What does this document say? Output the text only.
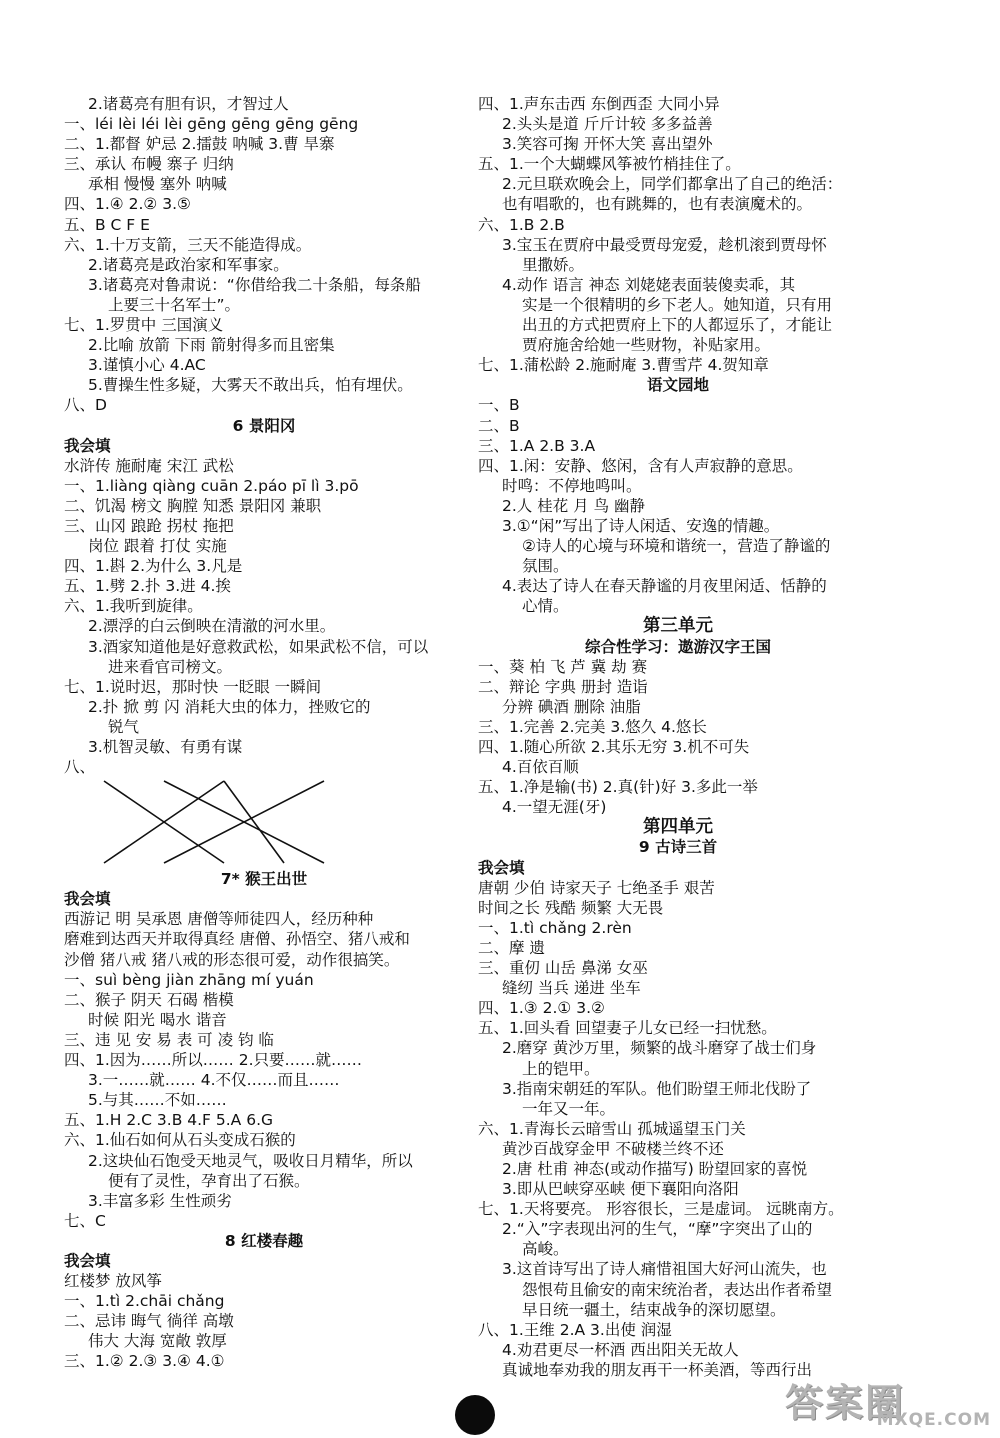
2.诸葛亮有胆有识，才智过人
一、léi lèi léi lèi gēng gēng gēng gēng
二、1.都督 妒忌 2.擂鼓 呐喊 3.曹 旱寨
三、承认 布幔 寨子 归纳
承相 慢慢 塞外 呐喊
四、1.④ 2.② 3.⑤
五、B C F E
六、1.十万支箭，三天不能造得成。
2.诸葛亮是政治家和军事家。
3.诸葛亮对鲁肃说：“你借给我二十条船，每条船
上要三十名军士”。
七、1.罗贯中 三国演义
2.比喻 放箭 下雨 箭射得多而且密集
3.谨慎小心 4.AC
5.曹操生性多疑，大雾天不敢出兵，怕有埋伏。
八、D
6 景阳冈
我会填
水浒传 施耐庵 宋江 武松
一、1.liàng qiàng cuān 2.páo pī lì 3.pō
二、饥渴 榜文 胸膛 知悉 景阳冈 兼职
三、山冈 踉跄 拐杖 拖把
岗位 跟着 打仗 实施
四、1.斟 2.为什么 3.凡是
五、1.劈 2.扑 3.进 4.挨
六、1.我听到旋律。
2.漂浮的白云倒映在清澈的河水里。
3.酒家知道他是好意救武松，如果武松不信，可以
进来看官司榜文。
七、1.说时迟，那时快 一眨眼 一瞬间
2.扑 掀 剪 闪 消耗大虫的体力，挫败它的
锐气
3.机智灵敏、有勇有谋
八、
7* 猴王出世
我会填
西游记 明 吴承恩 唐僧等师徒四人，经历种种
磨难到达西天并取得真经 唐僧、孙悟空、猪八戒和
沙僧 猪八戒 猪八戒的形态很可爱，动作很搞笑。
一、suì bèng jiàn zhāng mí yuán
二、猴子 阴天 石碣 楷模
时候 阳光 喝水 谐音
三、违 见 安 易 表 可 凌 钧 临
四、1.因为……所以…… 2.只要……就……
3.一……就…… 4.不仅……而且……
5.与其……不如……
五、1.H 2.C 3.B 4.F 5.A 6.G
六、1.仙石如何从石头变成石猴的
2.这块仙石饱受天地灵气，吸收日月精华，所以
便有了灵性，孕育出了石猴。
3.丰富多彩 生性顽劣
七、C
8 红楼春趣
我会填
红楼梦 放风筝
一、1.tì 2.chāi chǎng
二、忌讳 晦气 徜徉 高墩
伟大 大海 宽敞 敦厚
三、1.② 2.③ 3.④ 4.①
四、1.声东击西 东倒西歪 大同小异
2.头头是道 斤斤计较 多多益善
3.笑容可掬 开怀大笑 喜出望外
五、1.一个大蝴蝶风筝被竹梢挂住了。
2.元旦联欢晚会上，同学们都拿出了自己的绝活：
也有唱歌的，也有跳舞的，也有表演魔术的。
六、1.B 2.B
3.宝玉在贾府中最受贾母宠爱，趁机滚到贾母怀
里撒娇。
4.动作 语言 神态 刘姥姥表面装傻卖乖，其
实是一个很精明的乡下老人。她知道，只有用
出丑的方式把贾府上下的人都逗乐了，才能让
贾府施舍给她一些财物，补贴家用。
七、1.蒲松龄 2.施耐庵 3.曹雪芹 4.贺知章
语文园地
一、B
二、B
三、1.A 2.B 3.A
四、1.闲：安静、悠闲，含有人声寂静的意思。
时鸣：不停地鸣叫。
2.人 桂花 月 鸟 幽静
3.①“闲”写出了诗人闲适、安逸的情趣。
②诗人的心境与环境和谐统一，营造了静谧的
氛围。
4.表达了诗人在春天静谧的月夜里闲适、恬静的
心情。
第三单元
综合性学习：遨游汉字王国
一、葵 柏 飞 芦 冀 劫 赛
二、辩论 字典 册封 造诣
分辨 碘酒 删除 油脂
三、1.完善 2.完美 3.悠久 4.悠长
四、1.随心所欲 2.其乐无穷 3.机不可失
4.百依百顺
五、1.净是输(书) 2.真(针)好 3.多此一举
4.一望无涯(牙)
第四单元
9 古诗三首
我会填
唐朝 少伯 诗家天子 七绝圣手 艰苦
时间之长 残酷 频繁 大无畏
一、1.tì chǎng 2.rèn
二、摩 遗
三、重仞 山岳 鼻涕 女巫
缝纫 当兵 递进 坐车
四、1.③ 2.① 3.②
五、1.回头看 回望妻子儿女已经一扫忧愁。
2.磨穿 黄沙万里，频繁的战斗磨穿了战士们身
上的铠甲。
3.指南宋朝廷的军队。他们盼望王师北伐盼了
一年又一年。
六、1.青海长云暗雪山 孤城遥望玉门关
黄沙百战穿金甲 不破楼兰终不还
2.唐 杜甫 神态(或动作描写) 盼望回家的喜悦
3.即从巴峡穿巫峡 便下襄阳向洛阳
七、1.天将要亮。 形容很长，三是虚词。 远眺南方。
2.“入”字表现出河的生气，“摩”字突出了山的
高峻。
3.这首诗写出了诗人痛惜祖国大好河山流失，也
怨恨苟且偷安的南宋统治者，表达出作者希望
早日统一疆土，结束战争的深切愿望。
八、1.王维 2.A 3.出使 润湿
4.劝君更尽一杯酒 西出阳关无故人
真诚地奉劝我的朋友再干一杯美酒，等西行出
答案圈
MXQE.COM
